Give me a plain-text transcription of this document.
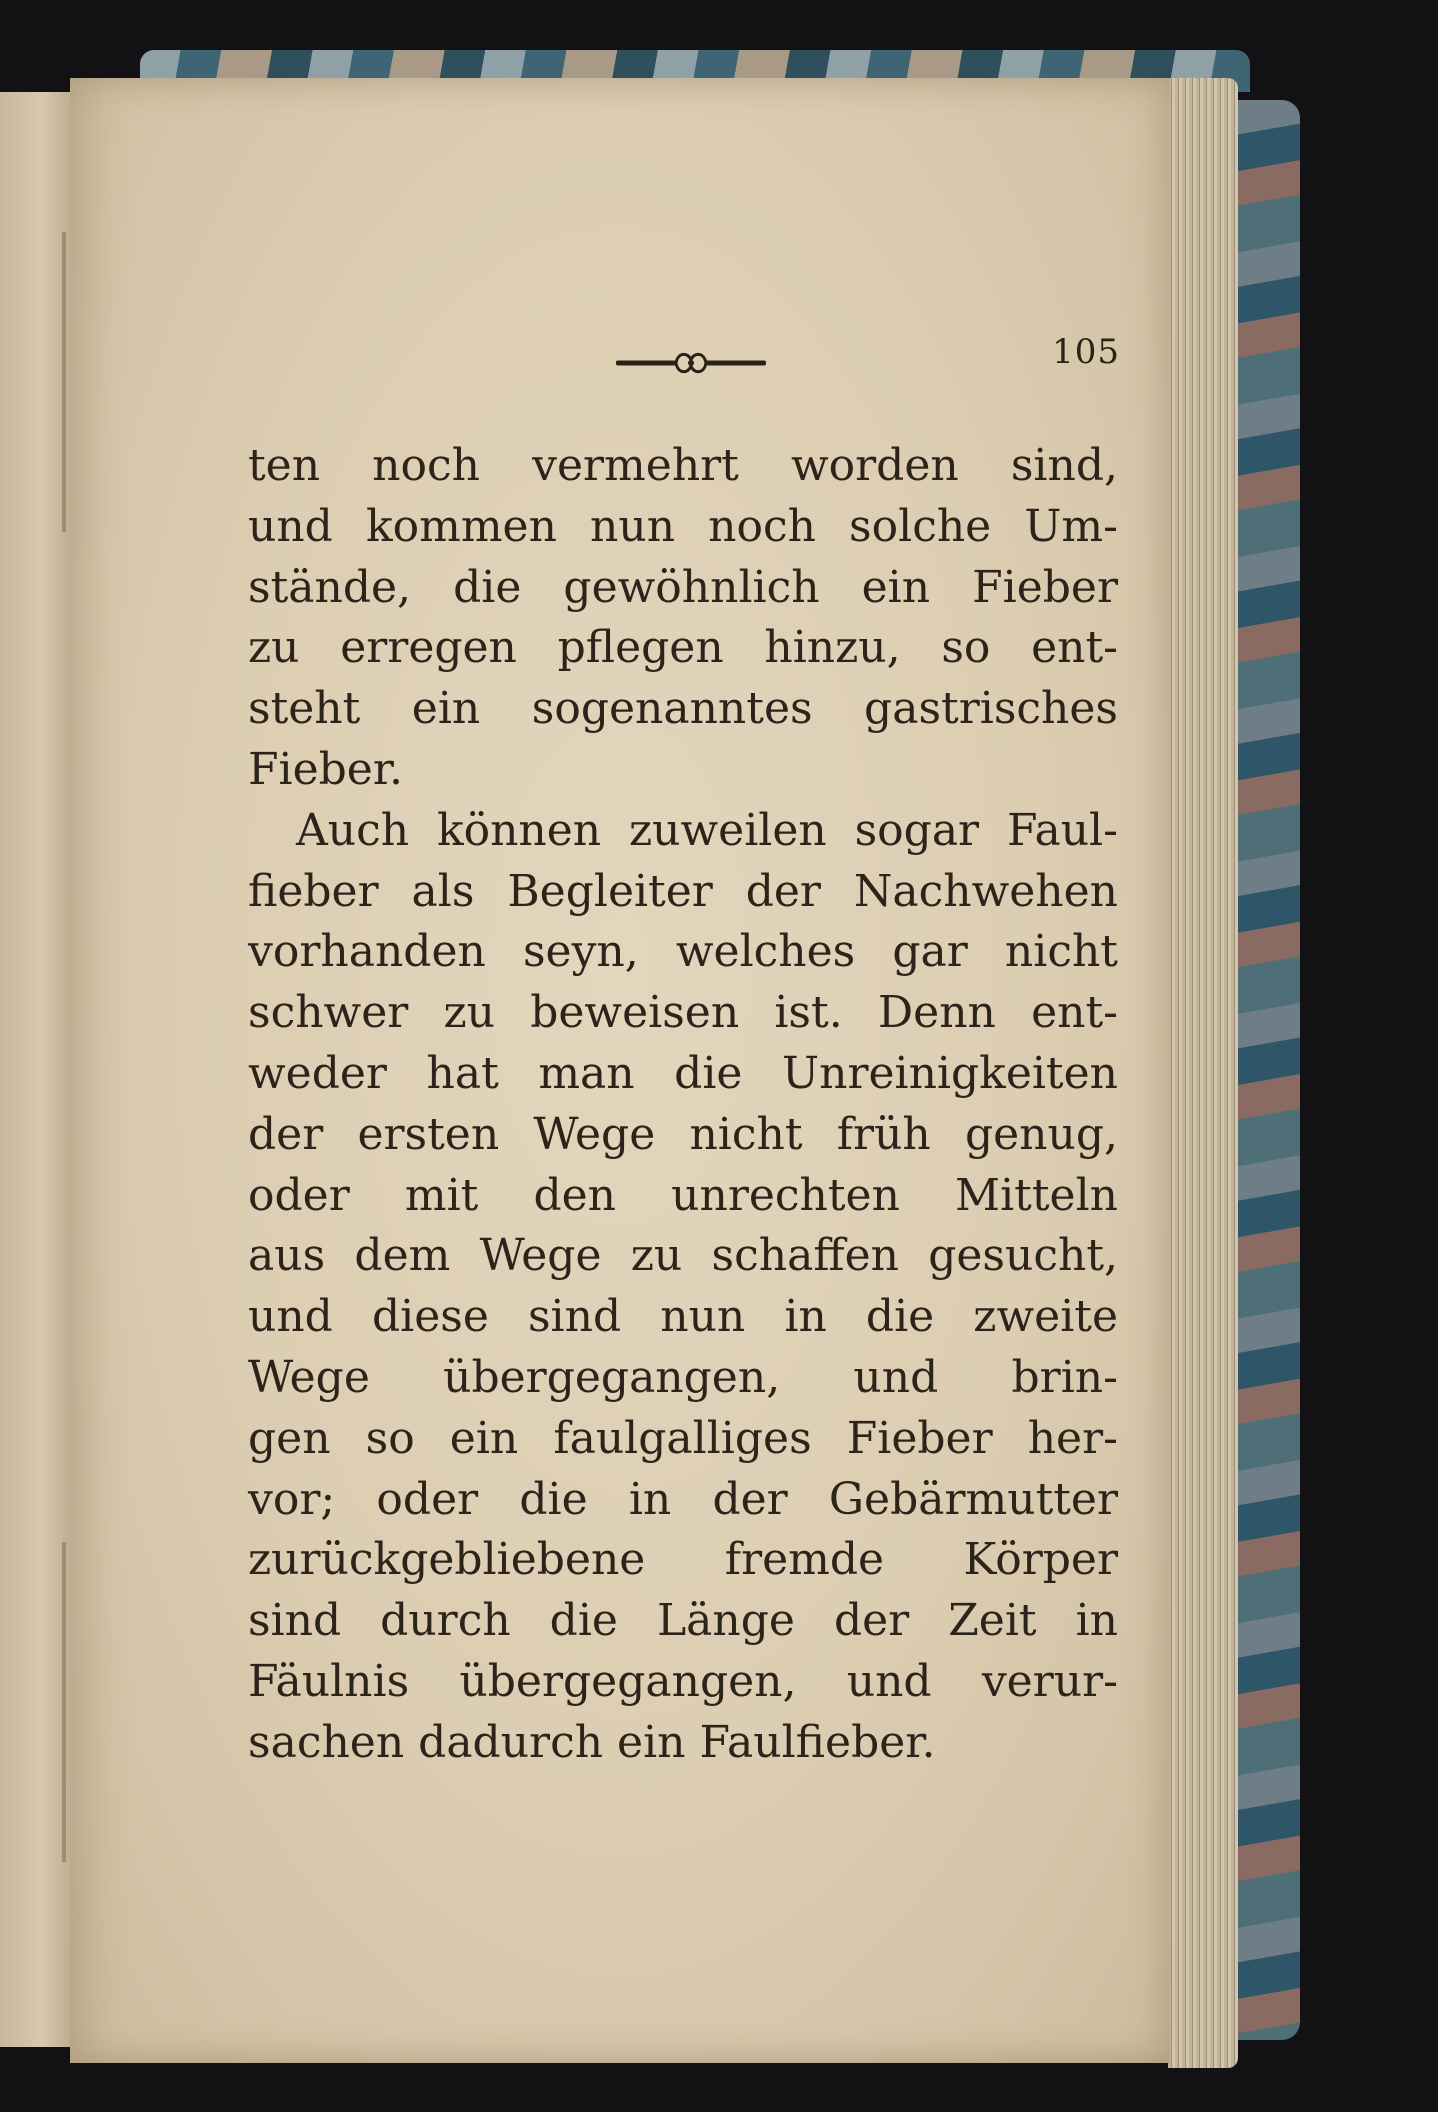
105
ten noch vermehrt worden sind,
und kommen nun noch solche Um-
stände, die gewöhnlich ein Fieber
zu erregen pflegen hinzu, so ent-
steht ein sogenanntes gastrisches
Fieber.
Auch können zuweilen sogar Faul-
fieber als Begleiter der Nachwehen
vorhanden seyn, welches gar nicht
schwer zu beweisen ist. Denn ent-
weder hat man die Unreinigkeiten
der ersten Wege nicht früh genug,
oder mit den unrechten Mitteln
aus dem Wege zu schaffen gesucht,
und diese sind nun in die zweite
Wege übergegangen, und brin-
gen so ein faulgalliges Fieber her-
vor; oder die in der Gebärmutter
zurückgebliebene fremde Körper
sind durch die Länge der Zeit in
Fäulnis übergegangen, und verur-
sachen dadurch ein Faulfieber.
